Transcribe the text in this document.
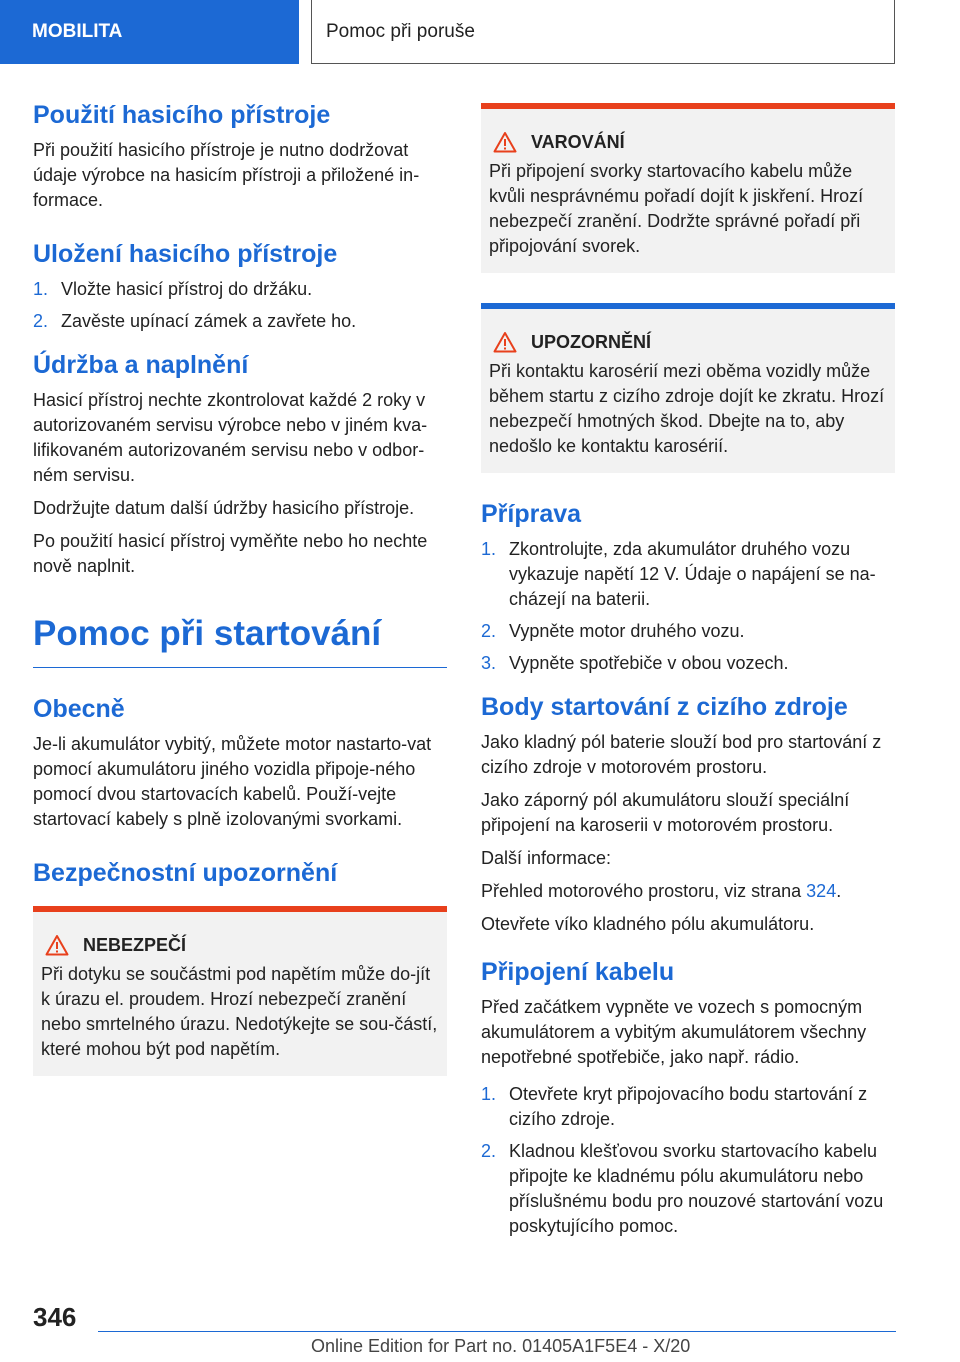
MOBILITA	Pomoc při poruše
Použití hasicího přístroje

Při použití hasicího přístroje je nutno dodržovat údaje výrobce na hasicím přístroji a přiložené in-formace.

Uložení hasicího přístroje
1. Vložte hasicí přístroj do držáku.
2. Zavěste upínací zámek a zavřete ho.
Údržba a naplnění

Hasicí přístroj nechte zkontrolovat každé 2 roky v autorizovaném servisu výrobce nebo v jiném kva-lifikovaném autorizovaném servisu nebo v odbor-ném servisu.

Dodržujte datum další údržby hasicího přístroje.

Po použití hasicí přístroj vyměňte nebo ho nechte nově naplnit.

Pomoc při startování
Obecně

Je-li akumulátor vybitý, můžete motor nastarto-vat pomocí akumulátoru jiného vozidla připoje-ného pomocí dvou startovacích kabelů. Použí-vejte startovací kabely s plně izolovanými svorkami.

Bezpečnostní upozornění
NEBEZPEČÍ

Při dotyku se součástmi pod napětím může do-jít k úrazu el. proudem. Hrozí nebezpečí zranění nebo smrtelného úrazu. Nedotýkejte se sou-částí, které mohou být pod napětím.

VAROVÁNÍ

Při připojení svorky startovacího kabelu může kvůli nesprávnému pořadí dojít k jiskření. Hrozí nebezpečí zranění. Dodržte správné pořadí při připojování svorek.

UPOZORNĚNÍ

Při kontaktu karosérií mezi oběma vozidly může během startu z cizího zdroje dojít ke zkratu. Hrozí nebezpečí hmotných škod. Dbejte na to, aby nedošlo ke kontaktu karosérií.

Příprava
1. Zkontrolujte, zda akumulátor druhého vozu vykazuje napětí 12 V. Údaje o napájení se na-cházejí na baterii.
2. Vypněte motor druhého vozu.
3. Vypněte spotřebiče v obou vozech.
Body startování z cizího zdroje

Jako kladný pól baterie slouží bod pro startování z cizího zdroje v motorovém prostoru.

Jako záporný pól akumulátoru slouží speciální připojení na karoserii v motorovém prostoru.

Další informace:

Přehled motorového prostoru, viz strana 324.

Otevřete víko kladného pólu akumulátoru.

Připojení kabelu

Před začátkem vypněte ve vozech s pomocným akumulátorem a vybitým akumulátorem všechny nepotřebné spotřebiče, jako např. rádio.

1. Otevřete kryt připojovacího bodu startování z cizího zdroje.
2. Kladnou klešťovou svorku startovacího kabelu připojte ke kladnému pólu akumulátoru nebo příslušnému bodu pro nouzové startování vozu poskytujícího pomoc.
346
Online Edition for Part no. 01405A1F5E4 - X/20
